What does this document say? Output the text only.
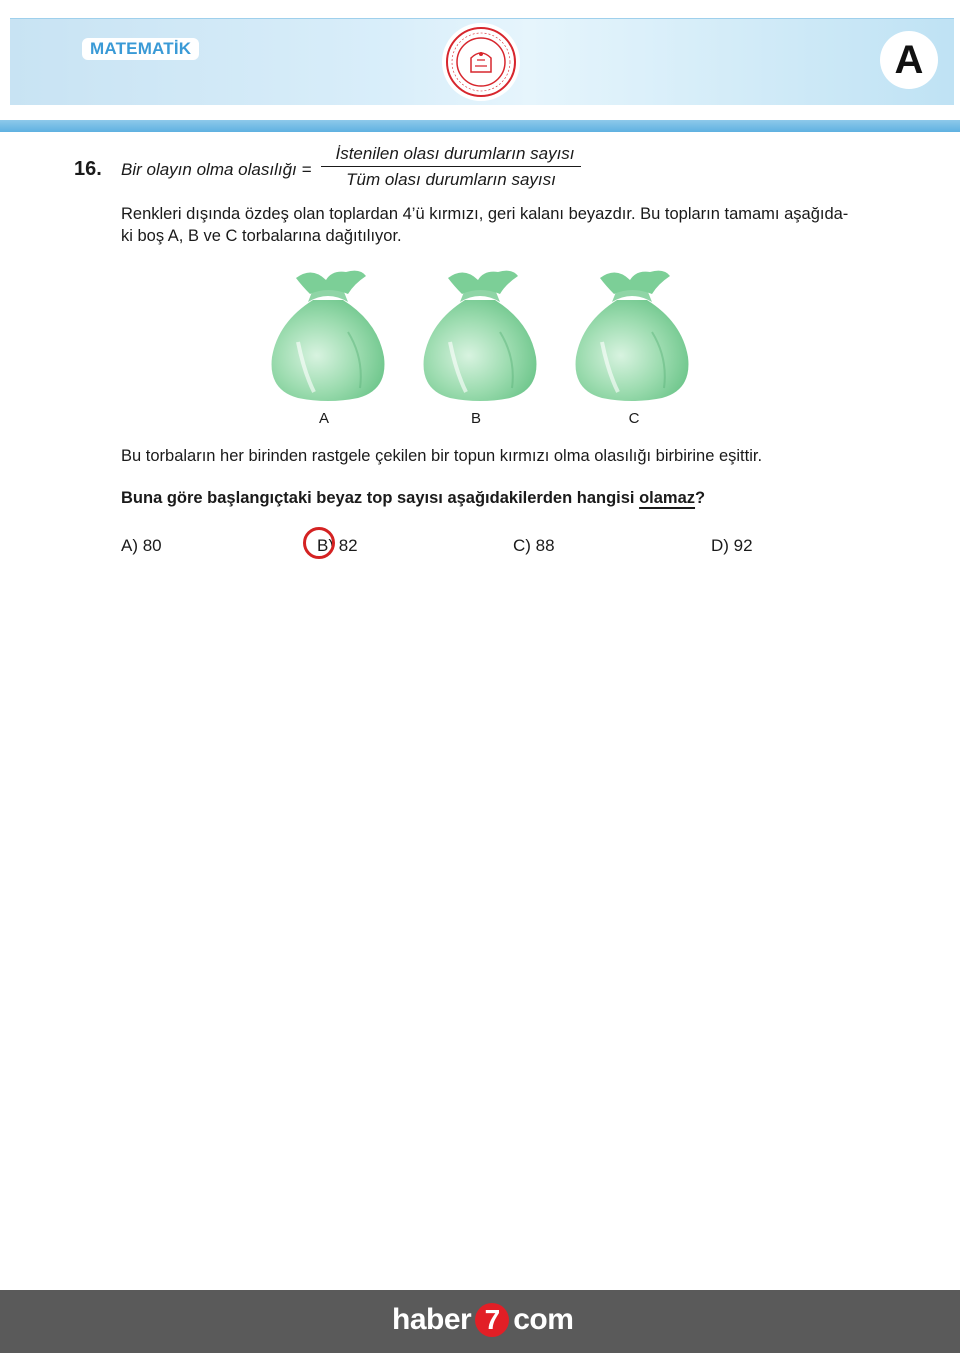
MATEMATİK	A
16. Bir olayın olma olasılığı =
İstenilen olası durumların sayısı
Tüm olası durumların sayısı
Renkleri dışında özdeş olan toplardan 4’ü kırmızı, geri kalanı beyazdır. Bu topların tamamı aşağıda-
ki boş A, B ve C torbalarına dağıtılıyor.
A	B	C
Bu torbaların her birinden rastgele çekilen bir topun kırmızı olma olasılığı birbirine eşittir.
Buna göre başlangıçtaki beyaz top sayısı aşağıdakilerden hangisi olamaz?
A) 80	B) 82	C) 88	D) 92
haber 7 com
